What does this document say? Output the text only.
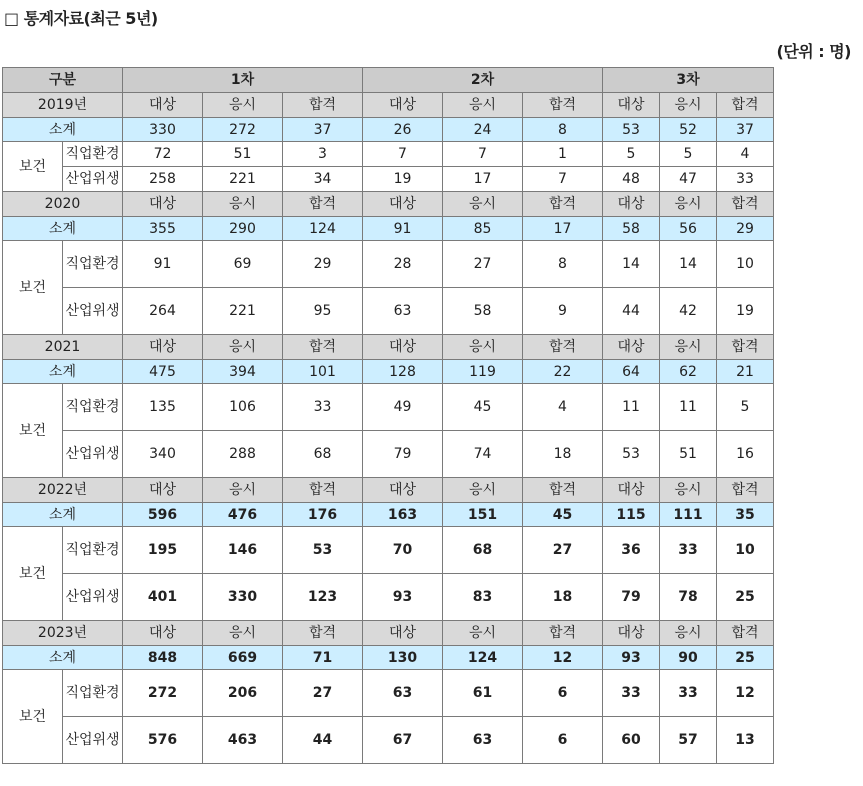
□ 통계자료(최근 5년)
(단위 : 명)
구분		1차			2차			3차		
2019년		대상	응시	합격	대상	응시	합격	대상	응시	합격
소계		330	272	37	26	24	8	53	52	37
보건	직업환경	72	51	3	7	7	1	5	5	4
	산업위생	258	221	34	19	17	7	48	47	33
2020		대상	응시	합격	대상	응시	합격	대상	응시	합격
소계		355	290	124	91	85	17	58	56	29
보건	직업환경	91	69	29	28	27	8	14	14	10
	산업위생	264	221	95	63	58	9	44	42	19
2021		대상	응시	합격	대상	응시	합격	대상	응시	합격
소계		475	394	101	128	119	22	64	62	21
보건	직업환경	135	106	33	49	45	4	11	11	5
	산업위생	340	288	68	79	74	18	53	51	16
2022년		대상	응시	합격	대상	응시	합격	대상	응시	합격
소계		596	476	176	163	151	45	115	111	35
보건	직업환경	195	146	53	70	68	27	36	33	10
	산업위생	401	330	123	93	83	18	79	78	25
2023년		대상	응시	합격	대상	응시	합격	대상	응시	합격
소계		848	669	71	130	124	12	93	90	25
보건	직업환경	272	206	27	63	61	6	33	33	12
	산업위생	576	463	44	67	63	6	60	57	13
